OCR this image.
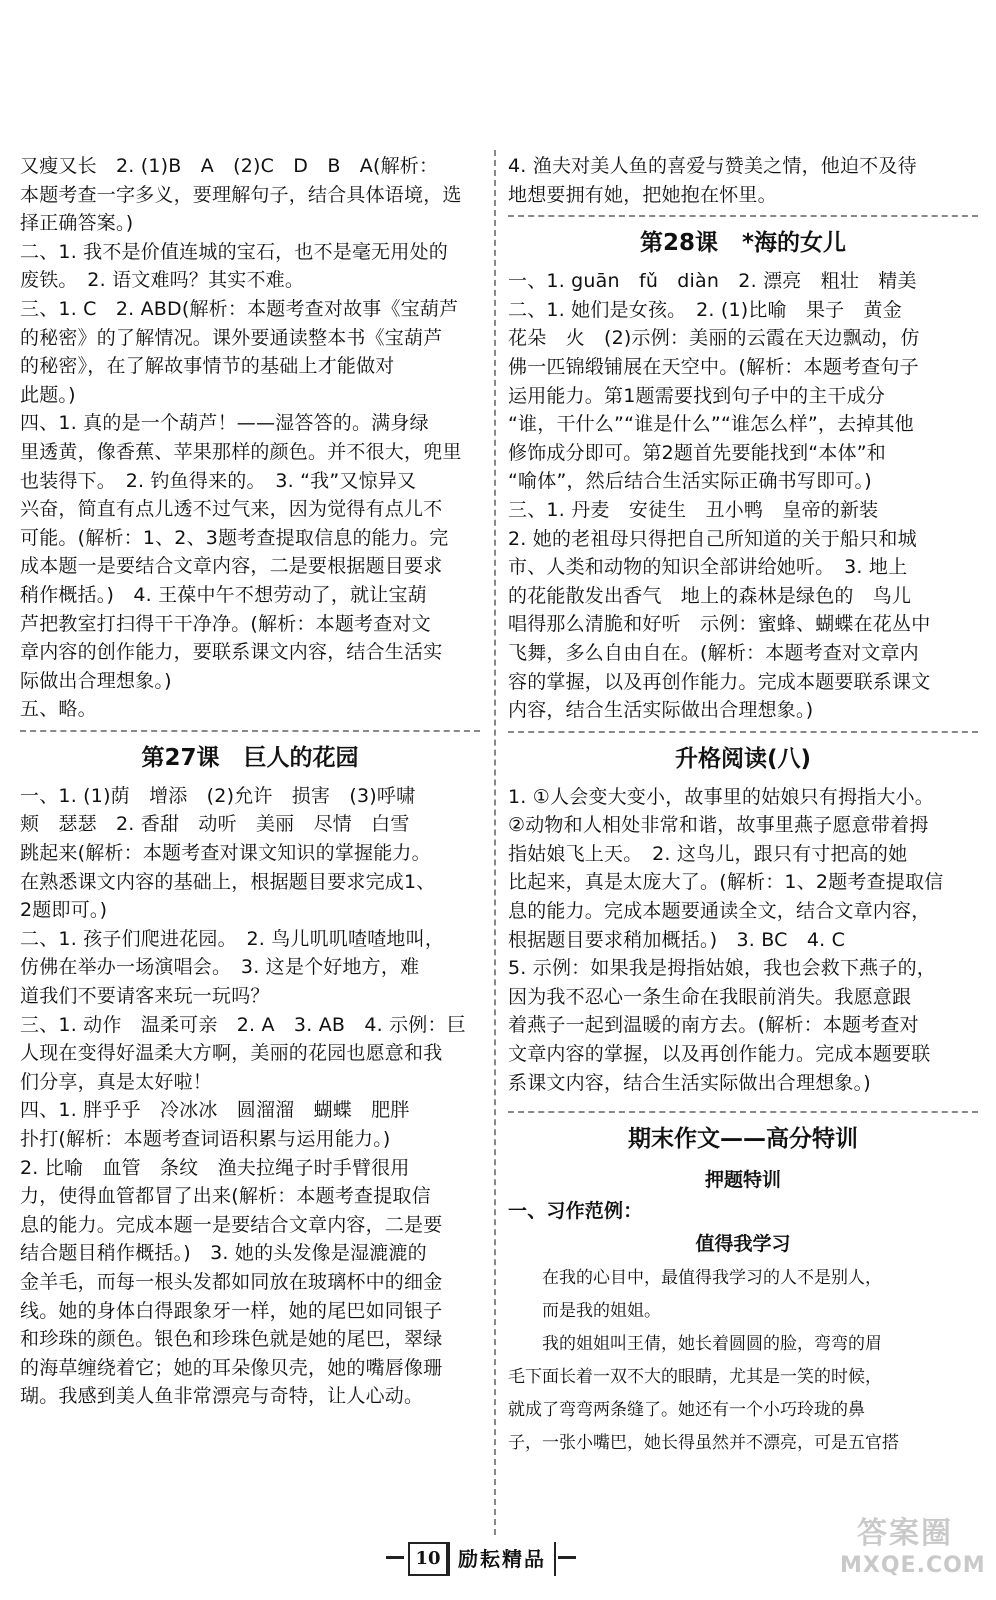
又瘦又长　2. (1)B　A　(2)C　D　B　A(解析：

本题考查一字多义，要理解句子，结合具体语境，选

择正确答案。)

二、1. 我不是价值连城的宝石，也不是毫无用处的

废铁。　2. 语文难吗？其实不难。

三、1. C　2. ABD(解析：本题考查对故事《宝葫芦

的秘密》的了解情况。课外要通读整本书《宝葫芦

的秘密》，在了解故事情节的基础上才能做对

此题。)

四、1. 真的是一个葫芦！——湿答答的。满身绿

里透黄，像香蕉、苹果那样的颜色。并不很大，兜里

也装得下。　2. 钓鱼得来的。　3. “我”又惊异又

兴奋，简直有点儿透不过气来，因为觉得有点儿不

可能。(解析：1、2、3题考查提取信息的能力。完

成本题一是要结合文章内容，二是要根据题目要求

稍作概括。)　4. 王葆中午不想劳动了，就让宝葫

芦把教室打扫得干干净净。(解析：本题考查对文

章内容的创作能力，要联系课文内容，结合生活实

际做出合理想象。)

五、略。

第27课 巨人的花园

一、1. (1)荫　增添　(2)允许　损害　(3)呼啸

颊　瑟瑟　2. 香甜　动听　美丽　尽情　白雪

跳起来(解析：本题考查对课文知识的掌握能力。

在熟悉课文内容的基础上，根据题目要求完成1、

2题即可。)

二、1. 孩子们爬进花园。　2. 鸟儿叽叽喳喳地叫，

仿佛在举办一场演唱会。　3. 这是个好地方，难

道我们不要请客来玩一玩吗？

三、1. 动作　温柔可亲　2. A　3. AB　4. 示例：巨

人现在变得好温柔大方啊，美丽的花园也愿意和我

们分享，真是太好啦！

四、1. 胖乎乎　冷冰冰　圆溜溜　蝴蝶　肥胖

扑打(解析：本题考查词语积累与运用能力。)

2. 比喻　血管　条纹　渔夫拉绳子时手臂很用

力，使得血管都冒了出来(解析：本题考查提取信

息的能力。完成本题一是要结合文章内容，二是要

结合题目稍作概括。)　3. 她的头发像是湿漉漉的

金羊毛，而每一根头发都如同放在玻璃杯中的细金

线。她的身体白得跟象牙一样，她的尾巴如同银子

和珍珠的颜色。银色和珍珠色就是她的尾巴，翠绿

的海草缠绕着它；她的耳朵像贝壳，她的嘴唇像珊

瑚。我感到美人鱼非常漂亮与奇特，让人心动。

4. 渔夫对美人鱼的喜爱与赞美之情，他迫不及待

地想要拥有她，把她抱在怀里。

第28课 *海的女儿

一、1. guān　fǔ　diàn　2. 漂亮　粗壮　精美

二、1. 她们是女孩。　2. (1)比喻　果子　黄金

花朵　火　(2)示例：美丽的云霞在天边飘动，仿

佛一匹锦缎铺展在天空中。(解析：本题考查句子

运用能力。第1题需要找到句子中的主干成分

“谁，干什么”“谁是什么”“谁怎么样”，去掉其他

修饰成分即可。第2题首先要能找到“本体”和

“喻体”，然后结合生活实际正确书写即可。)

三、1. 丹麦　安徒生　丑小鸭　皇帝的新装

2. 她的老祖母只得把自己所知道的关于船只和城

市、人类和动物的知识全部讲给她听。　3. 地上

的花能散发出香气　地上的森林是绿色的　鸟儿

唱得那么清脆和好听　示例：蜜蜂、蝴蝶在花丛中

飞舞，多么自由自在。(解析：本题考查对文章内

容的掌握，以及再创作能力。完成本题要联系课文

内容，结合生活实际做出合理想象。)

升格阅读(八)

1. ①人会变大变小，故事里的姑娘只有拇指大小。

②动物和人相处非常和谐，故事里燕子愿意带着拇

指姑娘飞上天。　2. 这鸟儿，跟只有寸把高的她

比起来，真是太庞大了。(解析：1、2题考查提取信

息的能力。完成本题要通读全文，结合文章内容，

根据题目要求稍加概括。)　3. BC　4. C

5. 示例：如果我是拇指姑娘，我也会救下燕子的，

因为我不忍心一条生命在我眼前消失。我愿意跟

着燕子一起到温暖的南方去。(解析：本题考查对

文章内容的掌握，以及再创作能力。完成本题要联

系课文内容，结合生活实际做出合理想象。)

期末作文——高分特训
押题特训

一、习作范例：

值得我学习

在我的心目中，最值得我学习的人不是别人，

而是我的姐姐。

我的姐姐叫王倩，她长着圆圆的脸，弯弯的眉

毛下面长着一双不大的眼睛，尤其是一笑的时候，

就成了弯弯两条缝了。她还有一个小巧玲珑的鼻

子，一张小嘴巴，她长得虽然并不漂亮，可是五官搭

10 励耘精品
答案圈
MXQE.COM
